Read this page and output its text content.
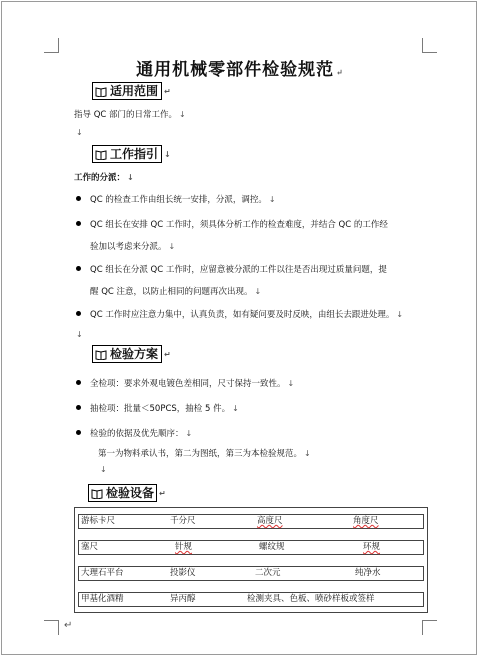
通用机械零部件检验规范 ↵
适用范围 ↵
指导 QC 部门的日常工作。 ↓
↓
工作指引 ↓
工作的分派： ↓
QC 的检查工作由组长统一安排，分派，调控。 ↓
QC 组长在安排 QC 工作时，须具体分析工作的检查难度，并结合 QC 的工作经
验加以考虑来分派。 ↓
QC 组长在分派 QC 工作时，应留意被分派的工件以往是否出现过质量问题，提
醒 QC 注意，以防止相同的问题再次出现。 ↓
QC 工作时应注意力集中，认真负责，如有疑问要及时反映，由组长去跟进处理。 ↓
↓
检验方案 ↵
全检项：要求外观电镀色差相同，尺寸保持一致性。 ↓
抽检项：批量＜50PCS，抽检 5 件。 ↓
检验的依据及优先顺序： ↓
第一为物料承认书，第二为图纸，第三为本检验规范。 ↓
↓
检验设备 ↵
游标卡尺	千分尺	高度尺	角度尺
塞尺	针规	螺纹规	环规
大理石平台	投影仪	二次元	纯净水
甲基化酒精	异丙醇	检测夹具、色板、喷砂样板或签样
↵
